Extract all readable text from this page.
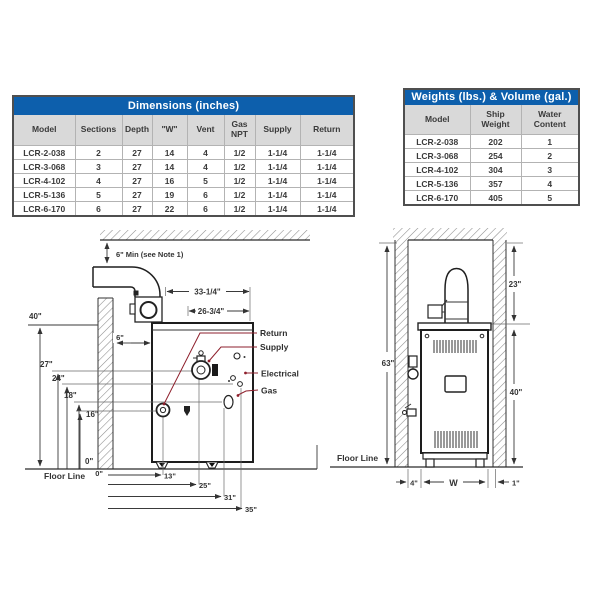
Dimensions (inches)							
Model	Sections	Depth	"W"	Vent	Gas NPT	Supply	Return
LCR-2-038	2	27	14	4	1/2	1-1/4	1-1/4
LCR-3-068	3	27	14	4	1/2	1-1/4	1-1/4
LCR-4-102	4	27	16	5	1/2	1-1/4	1-1/4
LCR-5-136	5	27	19	6	1/2	1-1/4	1-1/4
LCR-6-170	6	27	22	6	1/2	1-1/4	1-1/4
Weights (lbs.) & Volume (gal.)		
Model	Ship Weight	Water Content
LCR-2-038	202	1
LCR-3-068	254	2
LCR-4-102	304	3
LCR-5-136	357	4
LCR-6-170	405	5
6" Min (see Note 1)
33-1/4"
26-3/4"
6"
40"
27"
24"
18"
16"
0"
Floor Line 0"	13"
25"
31"
35"
Return
Supply
Electrical
Gas
63"
23"
40"
Floor Line
4"	W	1"
